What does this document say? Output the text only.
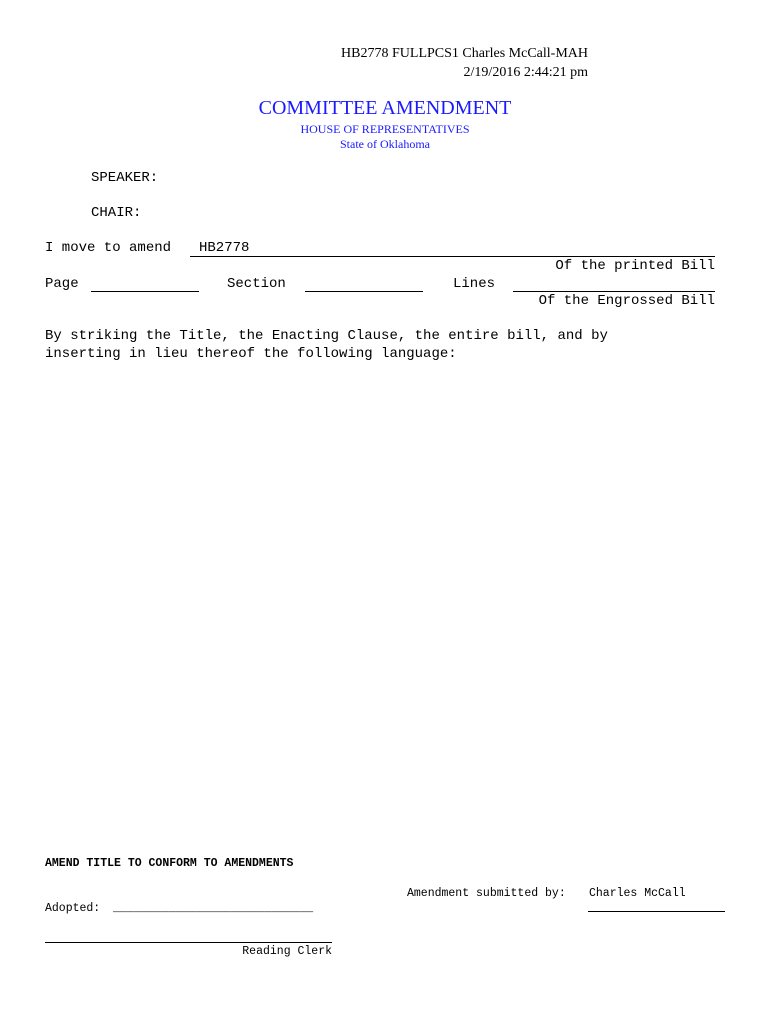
HB2778 FULLPCS1 Charles McCall-MAH
2/19/2016 2:44:21 pm
COMMITTEE AMENDMENT
HOUSE OF REPRESENTATIVES
State of Oklahoma
SPEAKER:
CHAIR:
I move to amend HB2778
Of the printed Bill
Page	Section	Lines
Of the Engrossed Bill
By striking the Title, the Enacting Clause, the entire bill, and by
inserting in lieu thereof the following language:
AMEND TITLE TO CONFORM TO AMENDMENTS
Amendment submitted by: Charles McCall
Adopted: _____________________________
Reading Clerk
